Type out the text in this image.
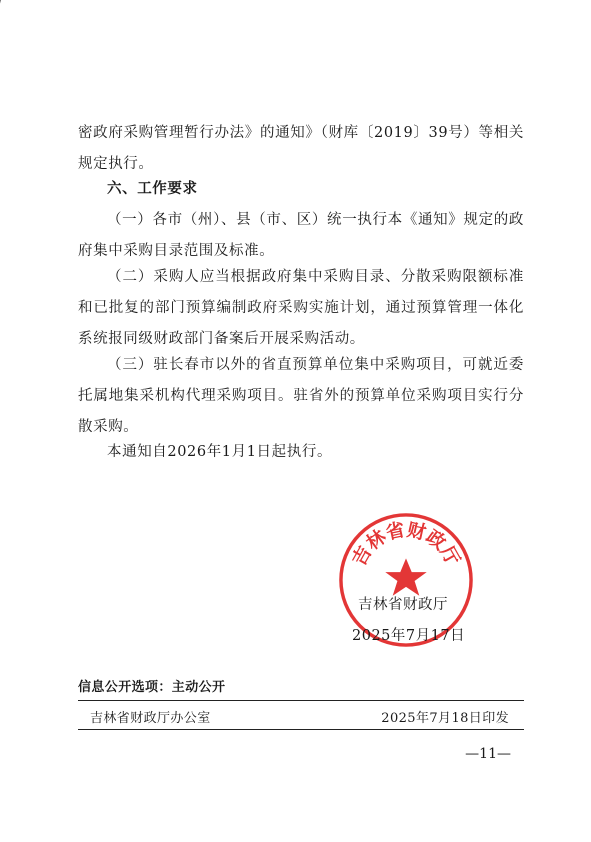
密政府采购管理暂行办法》的通知》（财库〔2019〕39号）等相关规定执行。

六、工作要求

（一）各市（州）、县（市、区）统一执行本《通知》规定的政府集中采购目录范围及标准。

（二）采购人应当根据政府集中采购目录、分散采购限额标准和已批复的部门预算编制政府采购实施计划，通过预算管理一体化系统报同级财政部门备案后开展采购活动。

（三）驻长春市以外的省直预算单位集中采购项目，可就近委托属地集采机构代理采购项目。驻省外的预算单位采购项目实行分散采购。

本通知自2026年1月1日起执行。

吉林省财政厅
吉林省财政厅
2025年7月17日
信息公开选项：主动公开
吉林省财政厅办公室	2025年7月18日印发
—11—
